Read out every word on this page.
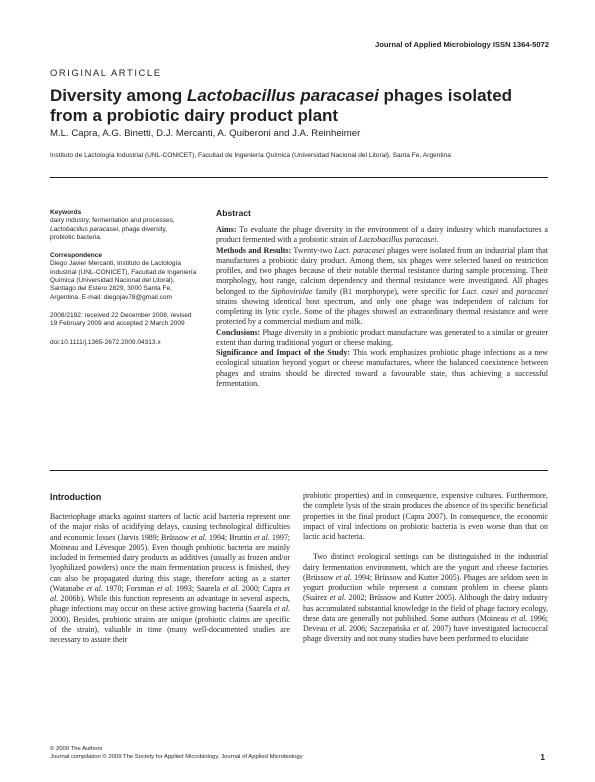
Journal of Applied Microbiology ISSN 1364-5072
ORIGINAL ARTICLE
Diversity among Lactobacillus paracasei phages isolated
from a probiotic dairy product plant
M.L. Capra, A.G. Binetti, D.J. Mercanti, A. Quiberoni and J.A. Reinheimer
Instituto de Lactología Industrial (UNL-CONICET), Facultad de Ingeniería Química (Universidad Nacional del Litoral), Santa Fe, Argentina

Keywords

dairy industry, fermentation and processes,
Lactobacillus paracasei, phage diversity,
probiotic bacteria.

Correspondence

Diego Javier Mercanti, Instituto de Lactología Industrial (UNL-CONICET), Facultad de Ingeniería Química (Universidad Nacional del Litoral), Santiago del Estero 2829, 3000 Santa Fe, Argentina. E-mail: diegojav78@gmail.com

2008/2192: received 22 December 2008, revised 19 February 2009 and accepted 2 March 2009

doi:10.1111/j.1365-2672.2009.04313.x

Abstract

Aims: To evaluate the phage diversity in the environment of a dairy industry which manufactures a product fermented with a probiotic strain of Lactobacillus paracasei.

Methods and Results: Twenty-two Lact. paracasei phages were isolated from an industrial plant that manufactures a probiotic dairy product. Among them, six phages were selected based on restriction profiles, and two phages because of their notable thermal resistance during sample processing. Their morphology, host range, calcium dependency and thermal resistance were investigated. All phages belonged to the Siphoviridae family (B1 morphotype), were specific for Lact. casei and paracasei strains showing identical host spectrum, and only one phage was independent of calcium for completing its lytic cycle. Some of the phages showed an extraordinary thermal resistance and were protected by a commercial medium and milk.

Conclusions: Phage diversity in a probiotic product manufacture was generated to a similar or greater extent than during traditional yogurt or cheese making.

Significance and Impact of the Study: This work emphasizes probiotic phage infections as a new ecological situation beyond yogurt or cheese manufactures, where the balanced coexistence between phages and strains should be directed toward a favourable state, thus achieving a successful fermentation.

Introduction

Bacteriophage attacks against starters of lactic acid bacteria represent one of the major risks of acidifying delays, causing technological difficulties and economic losses (Jarvis 1989; Brüssow et al. 1994; Bruttin et al. 1997; Moineau and Lévesque 2005). Even though probiotic bacteria are mainly included in fermented dairy products as additives (usually as frozen and/or lyophilized powders) once the main fermentation process is finished, they can also be propagated during this stage, therefore acting as a starter (Watanabe et al. 1970; Forsman et al. 1993; Saarela et al. 2000; Capra et al. 2006b). While this function represents an advantage in several aspects, phage infections may occur on these active growing bacteria (Saarela et al. 2000). Besides, probiotic strains are unique (probiotic claims are specific of the strain), valuable in time (many well-documented studies are necessary to assure their

probiotic properties) and in consequence, expensive cultures. Furthermore, the complete lysis of the strain produces the absence of its specific beneficial properties in the final product (Capra 2007). In consequence, the economic impact of viral infections on probiotic bacteria is even worse than that on lactic acid bacteria.

Two distinct ecological settings can be distinguished in the industrial dairy fermentation environment, which are the yogurt and cheese factories (Brüssow et al. 1994; Brüssow and Kutter 2005). Phages are seldom seen in yogurt production while represent a constant problem in cheese plants (Suárez et al. 2002; Brüssow and Kutter 2005). Although the dairy industry has accumulated substantial knowledge in the field of phage factory ecology, these data are generally not published. Some authors (Moineau et al. 1996; Deveau et al. 2006; Szczepańska et al. 2007) have investigated lactococcal phage diversity and not many studies have been performed to elucidate

© 2009 The Authors
Journal compilation © 2009 The Society for Applied Microbiology, Journal of Applied Microbiology	1
